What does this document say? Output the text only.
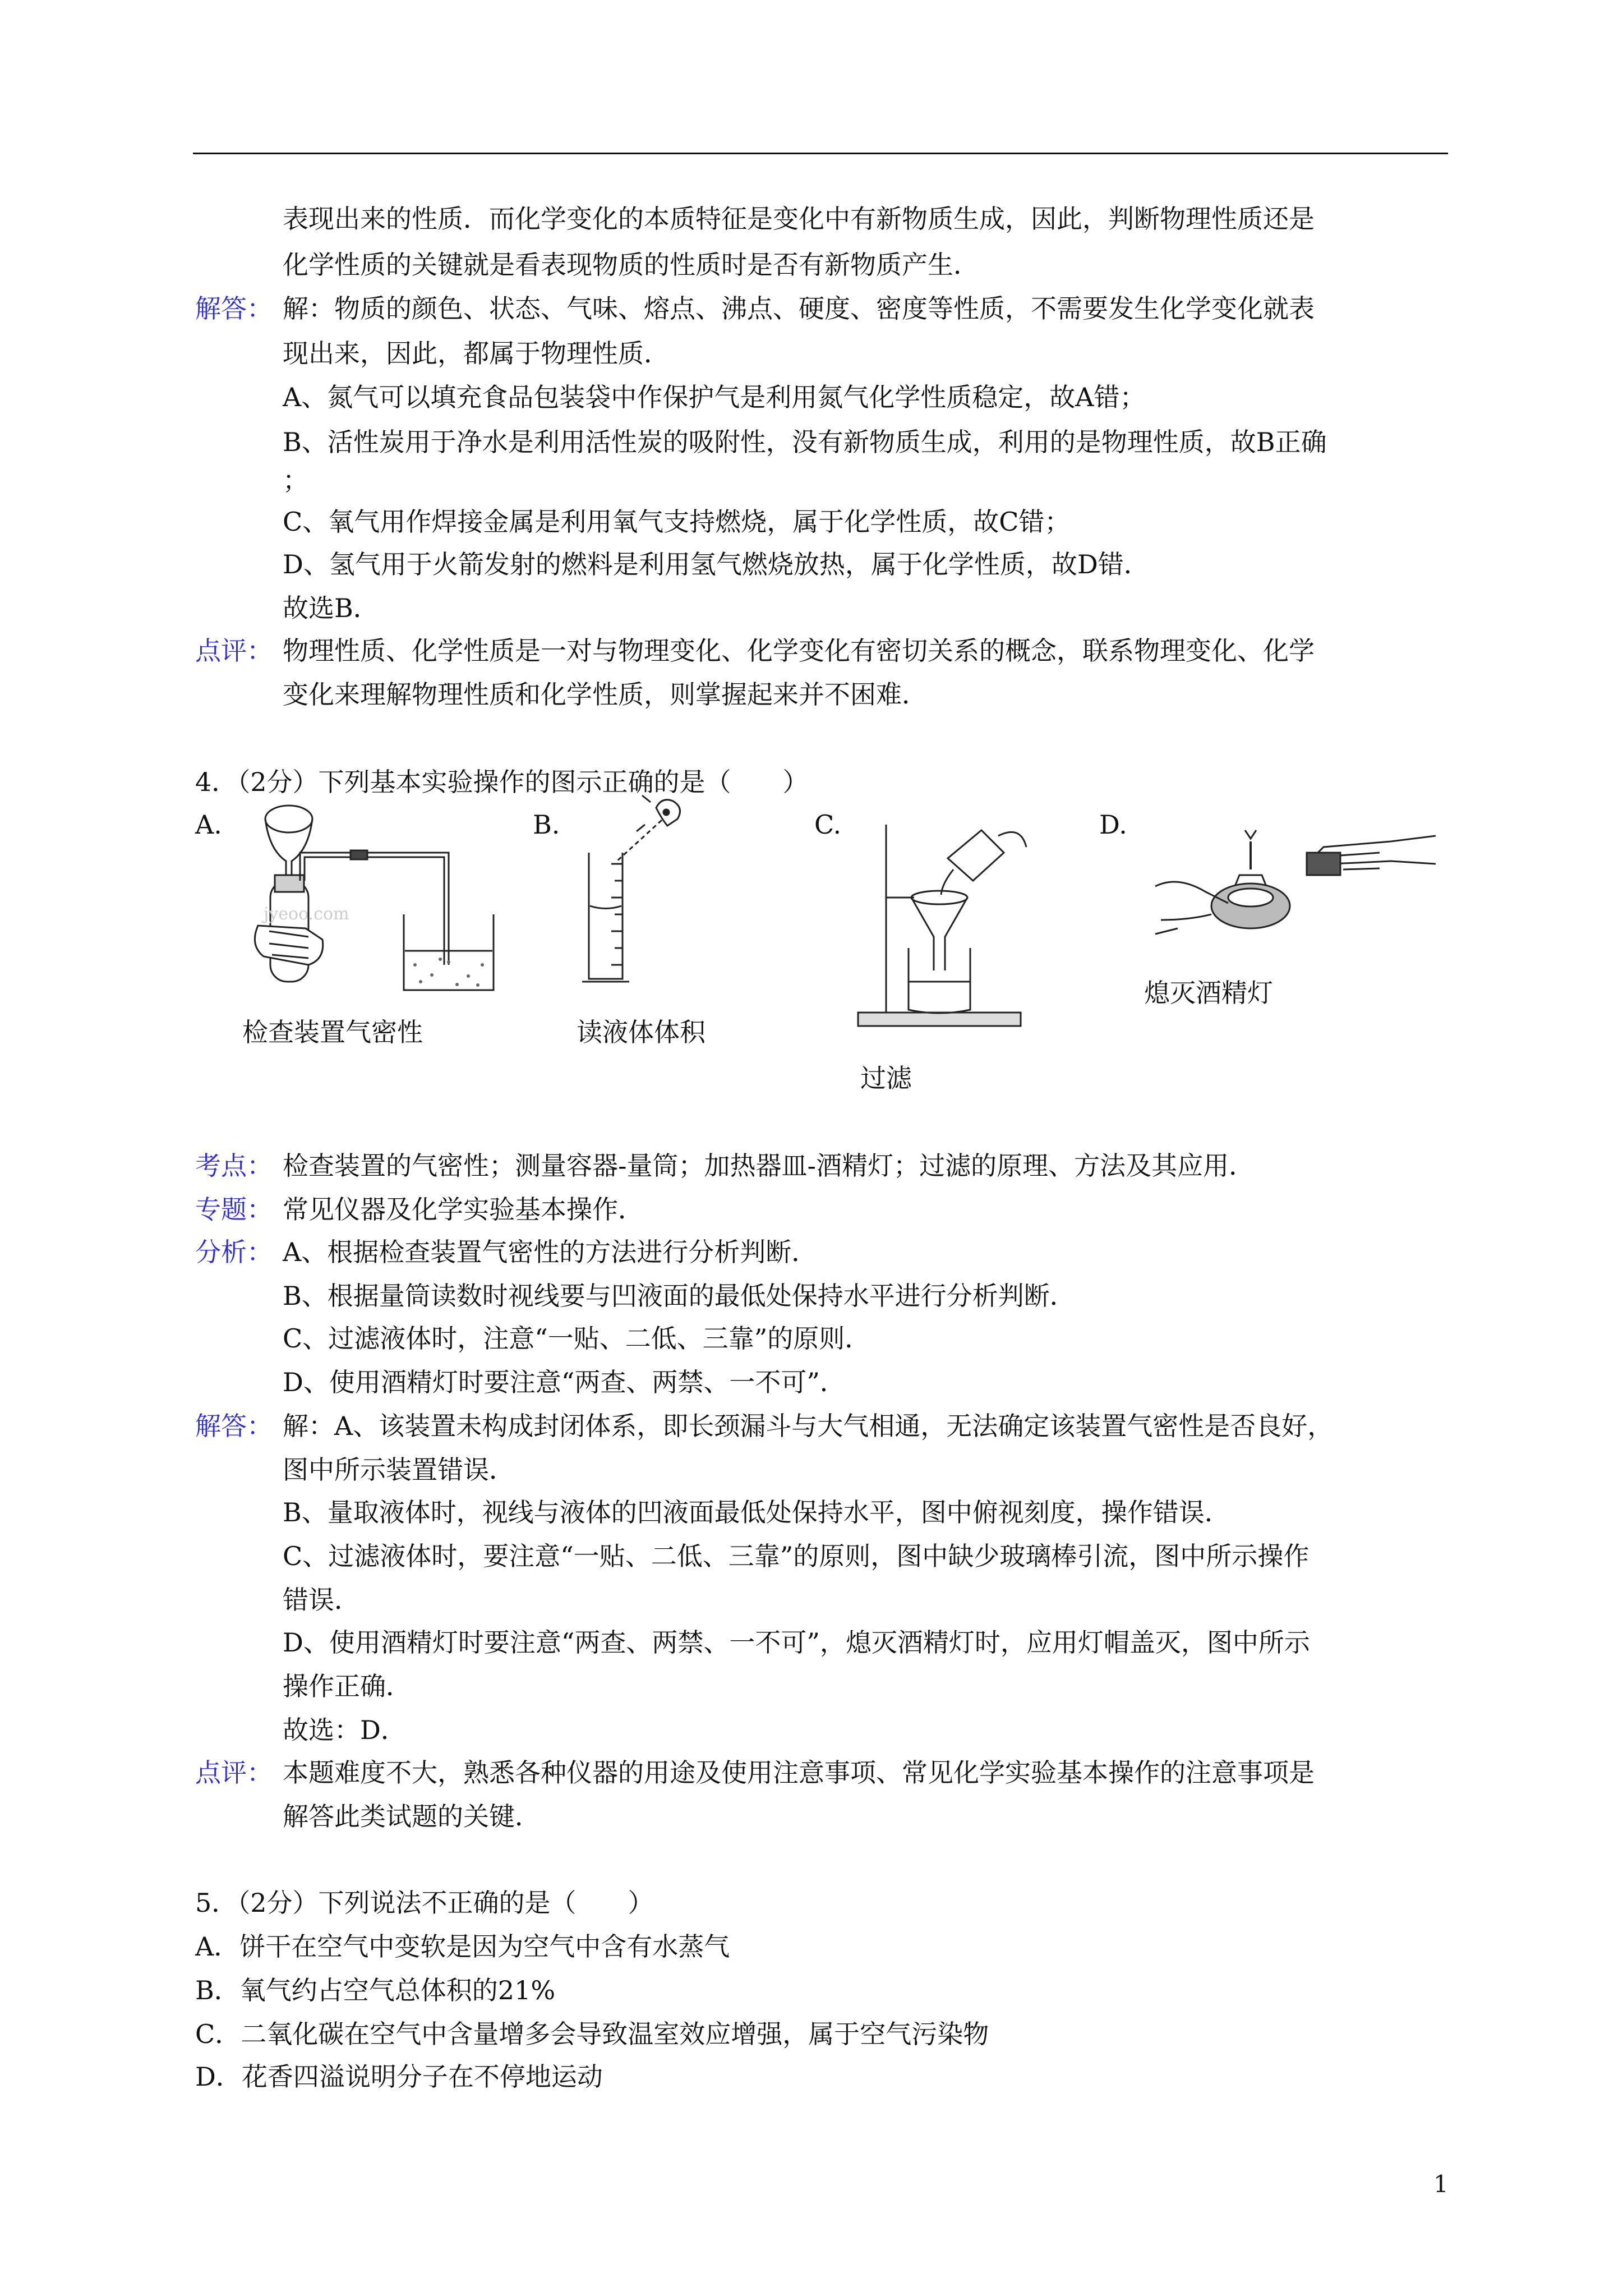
表现出来的性质．而化学变化的本质特征是变化中有新物质生成，因此，判断物理性质还是
化学性质的关键就是看表现物质的性质时是否有新物质产生．
解答： 解：物质的颜色、状态、气味、熔点、沸点、硬度、密度等性质，不需要发生化学变化就表
现出来，因此，都属于物理性质．
A、氮气可以填充食品包装袋中作保护气是利用氮气化学性质稳定，故A错；
B、活性炭用于净水是利用活性炭的吸附性，没有新物质生成，利用的是物理性质，故B正确
；
C、氧气用作焊接金属是利用氧气支持燃烧，属于化学性质，故C错；
D、氢气用于火箭发射的燃料是利用氢气燃烧放热，属于化学性质，故D错．
故选B．
点评： 物理性质、化学性质是一对与物理变化、化学变化有密切关系的概念，联系物理变化、化学
变化来理解物理性质和化学性质，则掌握起来并不困难．
4．（2分）下列基本实验操作的图示正确的是（　　）
A.	B.	C.	D.
jyeoo.com
检查装置气密性	读液体体积
过滤
熄灭酒精灯
考点： 检查装置的气密性；测量容器-量筒；加热器皿-酒精灯；过滤的原理、方法及其应用．
专题： 常见仪器及化学实验基本操作．
分析： A、根据检查装置气密性的方法进行分析判断．
B、根据量筒读数时视线要与凹液面的最低处保持水平进行分析判断．
C、过滤液体时，注意“一贴、二低、三靠”的原则．
D、使用酒精灯时要注意“两查、两禁、一不可”．
解答： 解：A、该装置未构成封闭体系，即长颈漏斗与大气相通，无法确定该装置气密性是否良好，
图中所示装置错误．
B、量取液体时，视线与液体的凹液面最低处保持水平，图中俯视刻度，操作错误．
C、过滤液体时，要注意“一贴、二低、三靠”的原则，图中缺少玻璃棒引流，图中所示操作
错误．
D、使用酒精灯时要注意“两查、两禁、一不可”，熄灭酒精灯时，应用灯帽盖灭，图中所示
操作正确．
故选：D．
点评： 本题难度不大，熟悉各种仪器的用途及使用注意事项、常见化学实验基本操作的注意事项是
解答此类试题的关键．
5．（2分）下列说法不正确的是（　　）
A．饼干在空气中变软是因为空气中含有水蒸气
B．氧气约占空气总体积的21%
C．二氧化碳在空气中含量增多会导致温室效应增强，属于空气污染物
D．花香四溢说明分子在不停地运动
1
